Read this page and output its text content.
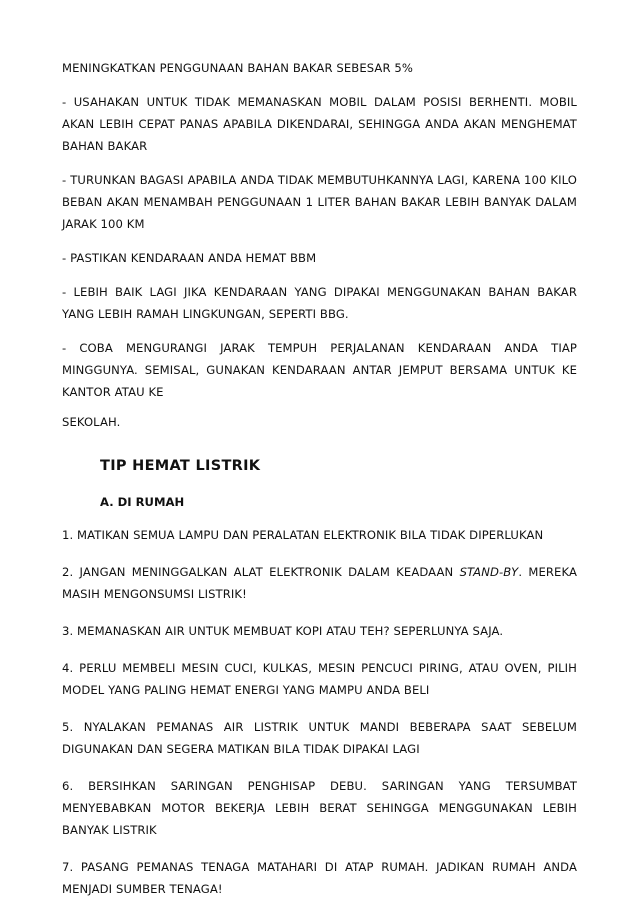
MENINGKATKAN PENGGUNAAN BAHAN BAKAR SEBESAR 5%

- USAHAKAN UNTUK TIDAK MEMANASKAN MOBIL DALAM POSISI BERHENTI. MOBIL AKAN LEBIH CEPAT PANAS APABILA DIKENDARAI, SEHINGGA ANDA AKAN MENGHEMAT BAHAN BAKAR

- TURUNKAN BAGASI APABILA ANDA TIDAK MEMBUTUHKANNYA LAGI, KARENA 100 KILO BEBAN AKAN MENAMBAH PENGGUNAAN 1 LITER BAHAN BAKAR LEBIH BANYAK DALAM JARAK 100 KM

- PASTIKAN KENDARAAN ANDA HEMAT BBM

- LEBIH BAIK LAGI JIKA KENDARAAN YANG DIPAKAI MENGGUNAKAN BAHAN BAKAR YANG LEBIH RAMAH LINGKUNGAN, SEPERTI BBG.

- COBA MENGURANGI JARAK TEMPUH PERJALANAN KENDARAAN ANDA TIAP MINGGUNYA. SEMISAL, GUNAKAN KENDARAAN ANTAR JEMPUT BERSAMA UNTUK KE KANTOR ATAU KE

SEKOLAH.

TIP HEMAT LISTRIK
A. DI RUMAH

1. MATIKAN SEMUA LAMPU DAN PERALATAN ELEKTRONIK BILA TIDAK DIPERLUKAN

2. JANGAN MENINGGALKAN ALAT ELEKTRONIK DALAM KEADAAN STAND-BY. MEREKA MASIH MENGONSUMSI LISTRIK!

3. MEMANASKAN AIR UNTUK MEMBUAT KOPI ATAU TEH? SEPERLUNYA SAJA.

4. PERLU MEMBELI MESIN CUCI, KULKAS, MESIN PENCUCI PIRING, ATAU OVEN, PILIH MODEL YANG PALING HEMAT ENERGI YANG MAMPU ANDA BELI

5. NYALAKAN PEMANAS AIR LISTRIK UNTUK MANDI BEBERAPA SAAT SEBELUM DIGUNAKAN DAN SEGERA MATIKAN BILA TIDAK DIPAKAI LAGI

6. BERSIHKAN SARINGAN PENGHISAP DEBU. SARINGAN YANG TERSUMBAT MENYEBABKAN MOTOR BEKERJA LEBIH BERAT SEHINGGA MENGGUNAKAN LEBIH BANYAK LISTRIK

7. PASANG PEMANAS TENAGA MATAHARI DI ATAP RUMAH. JADIKAN RUMAH ANDA MENJADI SUMBER TENAGA!
